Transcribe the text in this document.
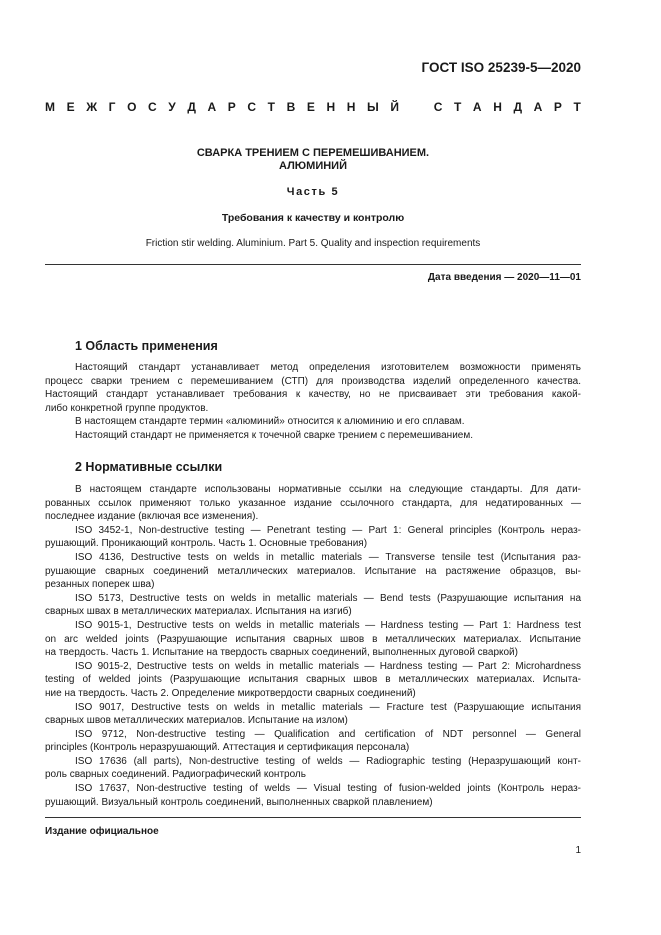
ГОСТ ISO 25239-5—2020
М Е Ж Г О С У Д А Р С Т В Е Н Н Ы Й	С Т А Н Д А Р Т
СВАРКА ТРЕНИЕМ С ПЕРЕМЕШИВАНИЕМ.
АЛЮМИНИЙ
Часть 5
Требования к качеству и контролю
Friction stir welding. Aluminium. Part 5. Quality and inspection requirements
Дата введения — 2020—11—01
1 Область применения
Настоящий стандарт устанавливает метод определения изготовителем возможности применять
процесс сварки трением с перемешиванием (СТП) для производства изделий определенного качества.
Настоящий стандарт устанавливает требования к качеству, но не присваивает эти требования какой-
либо конкретной группе продуктов.
В настоящем стандарте термин «алюминий» относится к алюминию и его сплавам.
Настоящий стандарт не применяется к точечной сварке трением с перемешиванием.
2 Нормативные ссылки
В настоящем стандарте использованы нормативные ссылки на следующие стандарты. Для дати-
рованных ссылок применяют только указанное издание ссылочного стандарта, для недатированных —
последнее издание (включая все изменения).
ISO 3452-1, Non-destructive testing — Penetrant testing — Part 1: General principles (Контроль нераз-
рушающий. Проникающий контроль. Часть 1. Основные требования)
ISO 4136, Destructive tests on welds in metallic materials — Transverse tensile test (Испытания раз-
рушающие сварных соединений металлических материалов. Испытание на растяжение образцов, вы-
резанных поперек шва)
ISO 5173, Destructive tests on welds in metallic materials — Bend tests (Разрушающие испытания на
сварных швах в металлических материалах. Испытания на изгиб)
ISO 9015-1, Destructive tests on welds in metallic materials — Hardness testing — Part 1: Hardness test
on arc welded joints (Разрушающие испытания сварных швов в металлических материалах. Испытание
на твердость. Часть 1. Испытание на твердость сварных соединений, выполненных дуговой сваркой)
ISO 9015-2, Destructive tests on welds in metallic materials — Hardness testing — Part 2: Microhardness
testing of welded joints (Разрушающие испытания сварных швов в металлических материалах. Испыта-
ние на твердость. Часть 2. Определение микротвердости сварных соединений)
ISO 9017, Destructive tests on welds in metallic materials — Fracture test (Разрушающие испытания
сварных швов металлических материалов. Испытание на излом)
ISO 9712, Non-destructive testing — Qualification and certification of NDT personnel — General
principles (Контроль неразрушающий. Аттестация и сертификация персонала)
ISO 17636 (all parts), Non-destructive testing of welds — Radiographic testing (Неразрушающий конт-
роль сварных соединений. Радиографический контроль
ISO 17637, Non-destructive testing of welds — Visual testing of fusion-welded joints (Контроль нераз-
рушающий. Визуальный контроль соединений, выполненных сваркой плавлением)
Издание официальное
1
